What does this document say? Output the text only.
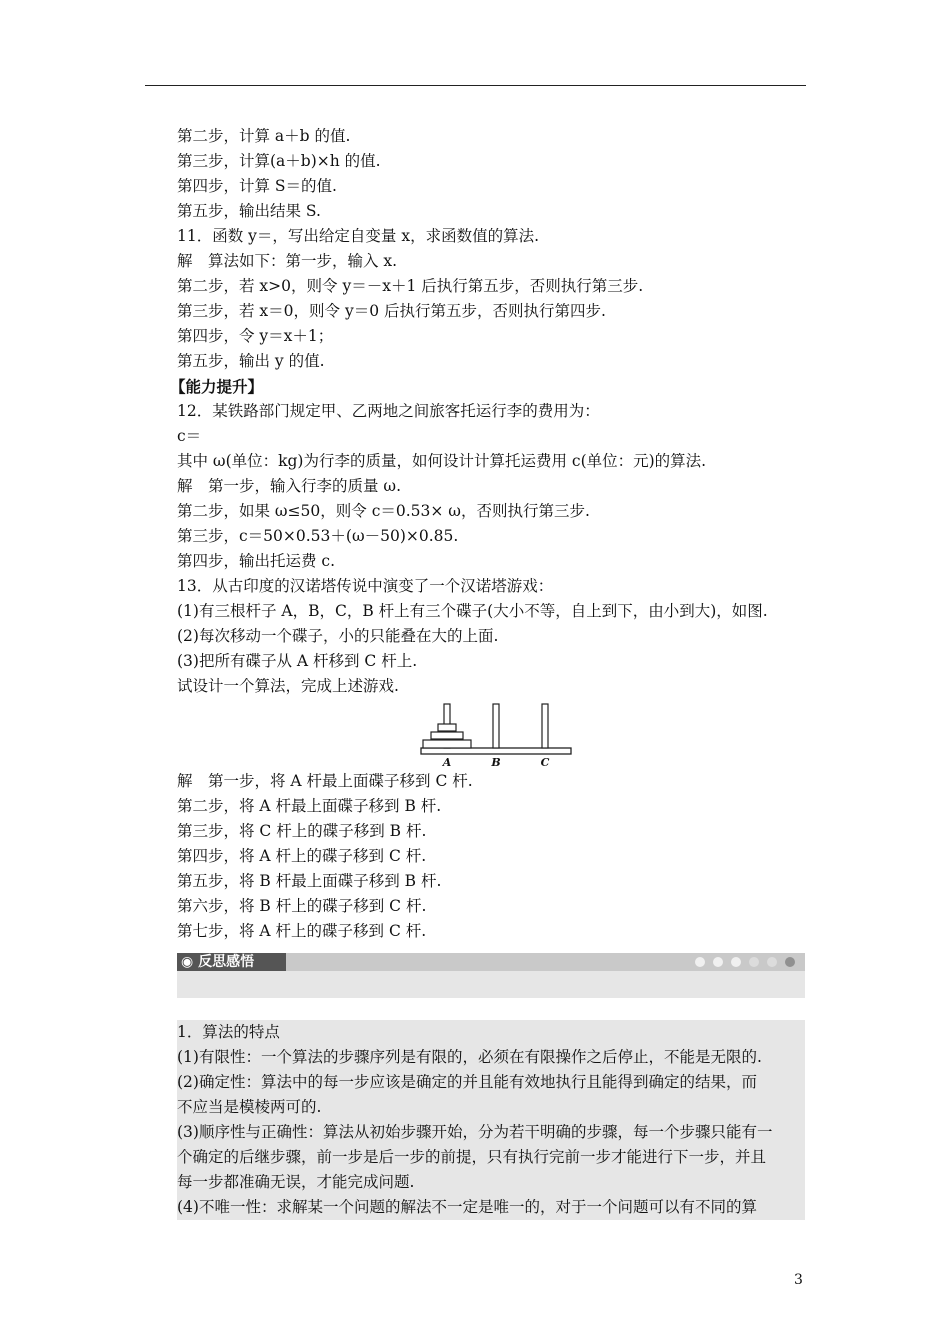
第二步，计算 a＋b 的值.
第三步，计算(a＋b)×h 的值.
第四步，计算 S＝的值.
第五步，输出结果 S.
11．函数 y＝，写出给定自变量 x，求函数值的算法.
解　算法如下：第一步，输入 x.
第二步，若 x>0，则令 y＝－x＋1 后执行第五步，否则执行第三步.
第三步，若 x＝0，则令 y＝0 后执行第五步，否则执行第四步.
第四步，令 y＝x＋1；
第五步，输出 y 的值.
【能力提升】
12．某铁路部门规定甲、乙两地之间旅客托运行李的费用为：
c＝
其中 ω(单位：kg)为行李的质量，如何设计计算托运费用 c(单位：元)的算法.
解　第一步，输入行李的质量 ω.
第二步，如果 ω≤50，则令 c＝0.53× ω，否则执行第三步.
第三步，c＝50×0.53＋(ω－50)×0.85.
第四步，输出托运费 c.
13．从古印度的汉诺塔传说中演变了一个汉诺塔游戏：
(1)有三根杆子 A，B，C，B 杆上有三个碟子(大小不等，自上到下，由小到大)，如图.
(2)每次移动一个碟子，小的只能叠在大的上面.
(3)把所有碟子从 A 杆移到 C 杆上.
试设计一个算法，完成上述游戏.
A	B	C
解　第一步，将 A 杆最上面碟子移到 C 杆.
第二步，将 A 杆最上面碟子移到 B 杆.
第三步，将 C 杆上的碟子移到 B 杆.
第四步，将 A 杆上的碟子移到 C 杆.
第五步，将 B 杆最上面碟子移到 B 杆.
第六步，将 B 杆上的碟子移到 C 杆.
第七步，将 A 杆上的碟子移到 C 杆.
◉ 反思感悟
1．算法的特点
(1)有限性：一个算法的步骤序列是有限的，必须在有限操作之后停止，不能是无限的.
(2)确定性：算法中的每一步应该是确定的并且能有效地执行且能得到确定的结果，而
不应当是模棱两可的.
(3)顺序性与正确性：算法从初始步骤开始，分为若干明确的步骤，每一个步骤只能有一
个确定的后继步骤，前一步是后一步的前提，只有执行完前一步才能进行下一步，并且
每一步都准确无误，才能完成问题.
(4)不唯一性：求解某一个问题的解法不一定是唯一的，对于一个问题可以有不同的算
3
